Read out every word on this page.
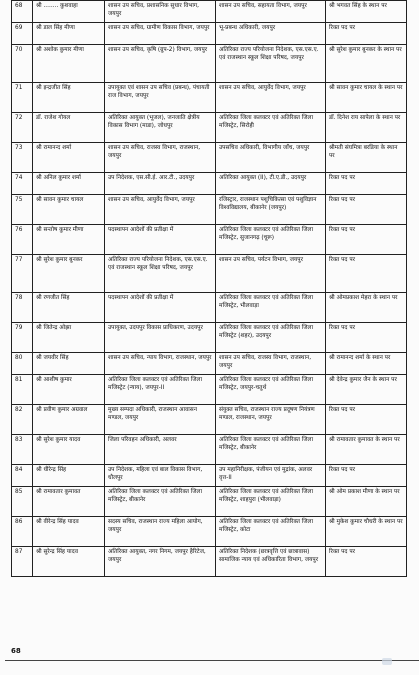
68	श्री ........ कुशवाहा	शासन उप सचिव, प्रशासनिक सुधार विभाग, जयपुर	शासन उप सचिव, सहायता विभाग, जयपुर	श्री भगवत सिंह के स्थान पर
69	श्री डाल सिंह मीणा	शासन उप सचिव, ग्रामीण विकास विभाग, जयपुर	भू-प्रबन्ध अधिकारी, जयपुर	रिक्त पद पर
70	श्री अशोक कुमार मीणा	शासन उप सचिव, कृषि (ग्रुप-2) विभाग, जयपुर	अतिरिक्त राज्य परियोजना निदेशक, एस.एस.ए. एवं राजस्थान स्कूल शिक्षा परिषद, जयपुर	श्री सुरेश कुमार बुनकर के स्थान पर
71	श्री इन्द्रजीत सिंह	उपायुक्त एवं शासन उप सचिव (प्रबन्ध), पंचायती राज विभाग, जयपुर	शासन उप सचिव, आयुर्वेद विभाग, जयपुर	श्री सावन कुमार चायल के स्थान पर
72	डॉ. राजेश गोयल	अतिरिक्त आयुक्त (भूजल), जनजाति क्षेत्रीय विकास विभाग (माडा), जोधपुर	अतिरिक्त जिला कलक्टर एवं अतिरिक्त जिला मजिस्ट्रेट, सिरोही	डॉ. दिनेश राय सापेला के स्थान पर
73	श्री रामानन्द शर्मा	शासन उप सचिव, राजस्व विभाग, राजस्थान, जयपुर	उपसचिव अधिकारी, विभागीय जाँच, जयपुर	श्रीमती संघमित्रा बरडिया के स्थान पर
74	श्री अनिल कुमार शर्मा	उप निदेशक, एस.सी.ई. आर.टी., उदयपुर	अतिरिक्त आयुक्त (II), टी.ए.डी., उदयपुर	रिक्त पद पर
75	श्री सावन कुमार चायल	शासन उप सचिव, आयुर्वेद विभाग, जयपुर	रजिस्ट्रार, राजस्थान पशुचिकित्सा एवं पशुविज्ञान विश्वविद्यालय, बीकानेर (जयपुर)	रिक्त पद पर
76	श्री सन्तोष कुमार मीणा	पदस्थापन आदेशों की प्रतीक्षा में	अतिरिक्त जिला कलक्टर एवं अतिरिक्त जिला मजिस्ट्रेट, सुजानगढ़ (चूरू)	रिक्त पद पर
77	श्री सुरेश कुमार बुनकर	अतिरिक्त राज्य परियोजना निदेशक, एस.एस.ए. एवं राजस्थान स्कूल शिक्षा परिषद, जयपुर	शासन उप सचिव, पर्यटन विभाग, जयपुर	रिक्त पद पर
78	श्री रणजीत सिंह	पदस्थापन आदेशों की प्रतीक्षा में	अतिरिक्त जिला कलक्टर एवं अतिरिक्त जिला मजिस्ट्रेट, भीलवाड़ा	श्री ओमप्रकाश मेहरा के स्थान पर
79	श्री जितेन्द्र ओझा	उपायुक्त, उदयपुर विकास प्राधिकरण, उदयपुर	अतिरिक्त जिला कलक्टर एवं अतिरिक्त जिला मजिस्ट्रेट (शहर), उदयपुर	रिक्त पद पर
80	श्री जयवीर सिंह	शासन उप सचिव, न्याय विभाग, राजस्थान, जयपुर	शासन उप सचिव, राजस्व विभाग, राजस्थान, जयपुर	श्री रामानन्द शर्मा के स्थान पर
81	श्री आशीष कुमार	अतिरिक्त जिला कलक्टर एवं अतिरिक्त जिला मजिस्ट्रेट (न्याय), जयपुर-II	अतिरिक्त जिला कलक्टर एवं अतिरिक्त जिला मजिस्ट्रेट, जयपुर-चतुर्थ	श्री देवेन्द्र कुमार जैन के स्थान पर
82	श्री प्रवीण कुमार अग्रवाल	मुख्य सम्पदा अधिकारी, राजस्थान आवासन मण्डल, जयपुर	संयुक्त सचिव, राजस्थान राज्य प्रदूषण नियंत्रण मण्डल, राजस्थान, जयपुर	रिक्त पद पर
83	श्री सुरेश कुमार यादव	जिला परिवहन अधिकारी, अलवर	अतिरिक्त जिला कलक्टर एवं अतिरिक्त जिला मजिस्ट्रेट, बीकानेर	श्री रामावतार कुमावत के स्थान पर
84	श्री धीरेन्द्र सिंह	उप निदेशक, महिला एवं बाल विकास विभाग, धौलपुर	उप महानिरीक्षक, पंजीयन एवं मुद्रांक, अलवर वृत्त-II	रिक्त पद पर
85	श्री रामावतार कुमावत	अतिरिक्त जिला कलक्टर एवं अतिरिक्त जिला मजिस्ट्रेट, बीकानेर	अतिरिक्त जिला कलक्टर एवं अतिरिक्त जिला मजिस्ट्रेट, शाहपुरा (भीलवाड़ा)	श्री ओम प्रकाश मीणा के स्थान पर
86	श्री वीरेन्द्र सिंह यादव	सदस्य सचिव, राजस्थान राज्य महिला आयोग, जयपुर	अतिरिक्त जिला कलक्टर एवं अतिरिक्त जिला मजिस्ट्रेट, कोटा	श्री मुकेश कुमार चौधरी के स्थान पर
87	श्री सुरेन्द्र सिंह यादव	अतिरिक्त आयुक्त, नगर निगम, जयपुर हैरिटेज, जयपुर	अतिरिक्त निदेशक (छात्रवृत्ति एवं छात्रावास) सामाजिक न्याय एवं अधिकारिता विभाग, जयपुर	रिक्त पद पर
68
